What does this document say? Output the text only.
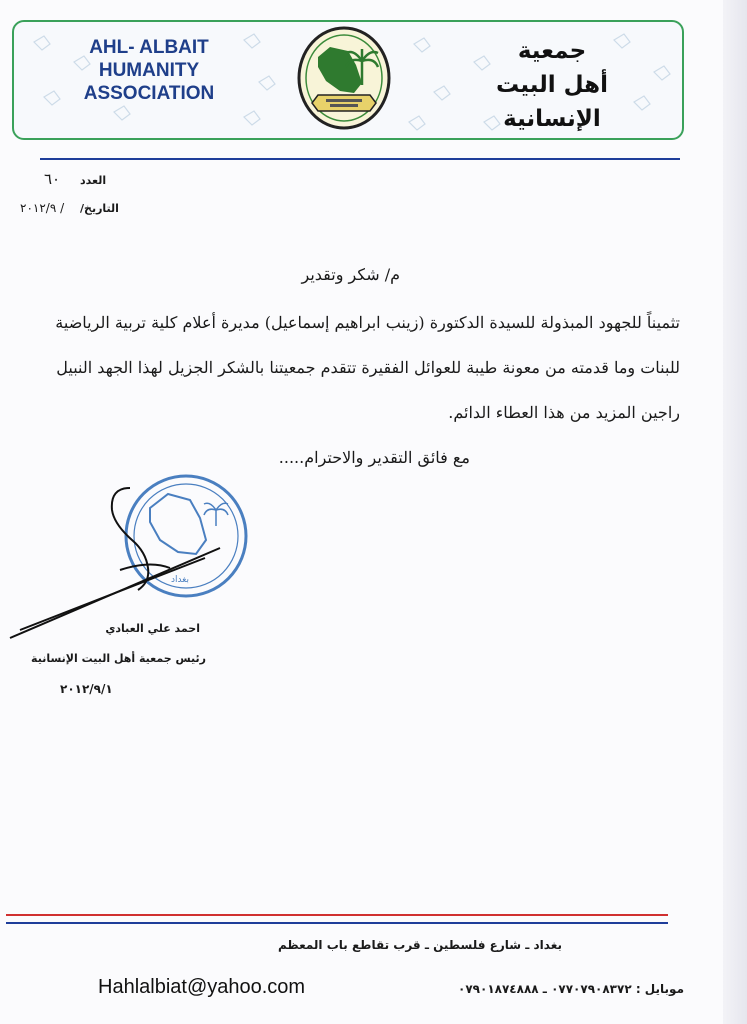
AHL- ALBAIT
HUMANITY
ASSOCIATION
جمعية
أهل البيت الإنسانية
العدد
٦٠
التاريخ/
٢٠١٢/٩ /
م/ شكر وتقدير
تثميناً للجهود المبذولة للسيدة الدكتورة (زينب ابراهيم إسماعيل) مديرة أعلام كلية تربية الرياضية للبنات وما قدمته من معونة طيبة للعوائل الفقيرة تتقدم جمعيتنا بالشكر الجزيل لهذا الجهد النبيل راجين المزيد من هذا العطاء الدائم.
مع فائق التقدير والاحترام.....
بغداد
احمد علي العبادي
رئيس جمعية أهل البيت الإنسانية
٢٠١٢/٩/١
بغداد ـ شارع فلسطين ـ قرب تقاطع باب المعظم
Hahlalbiat@yahoo.com	موبايل : ٠٧٧٠٧٩٠٨٣٧٢ ـ ٠٧٩٠١٨٧٤٨٨٨
